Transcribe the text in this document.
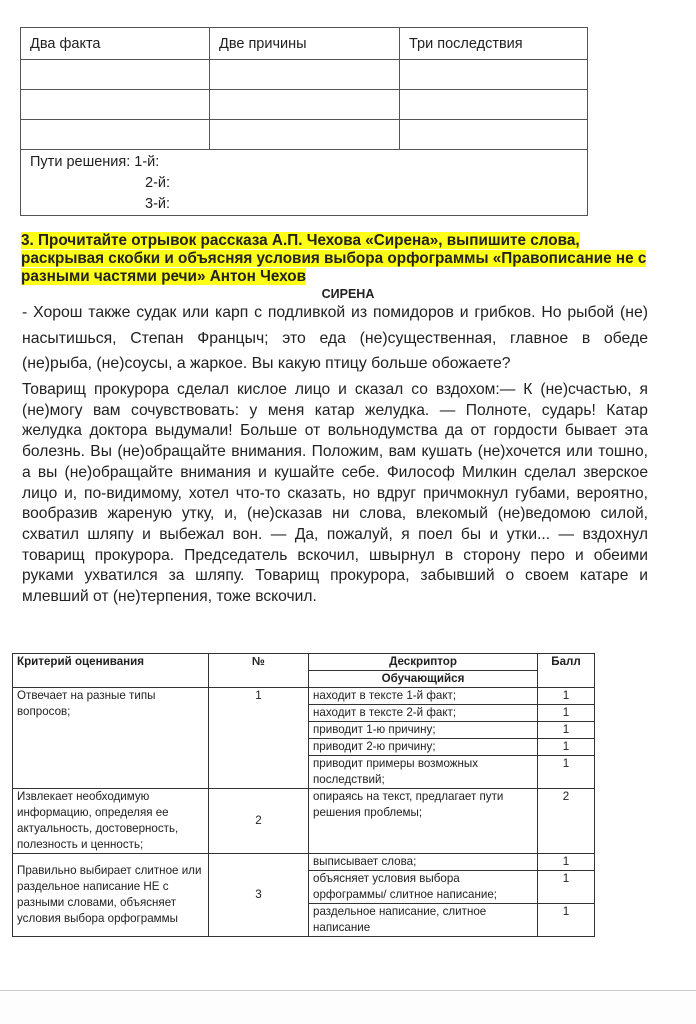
Два факта	Две причины	Три последствия

Пути решения: 1-й:
2-й:
3-й:		
3. Прочитайте отрывок рассказа А.П. Чехова «Сирена», выпишите слова, раскрывая скобки и объясняя условия выбора орфограммы «Правописание не с разными частями речи» Антон Чехов
СИРЕНА
- Хорош также судак или карп с подливкой из помидоров и грибков. Но рыбой (не) насытишься, Степан Францыч; это еда (не)существенная, главное в обеде (не)рыба, (не)соусы, а жаркое. Вы какую птицу больше обожаете?
Товарищ прокурора сделал кислое лицо и сказал со вздохом:— К (не)счастью, я (не)могу вам сочувствовать: у меня катар желудка. — Полноте, сударь! Катар желудка доктора выдумали! Больше от вольнодумства да от гордости бывает эта болезнь. Вы (не)обращайте внимания. Положим, вам кушать (не)хочется или тошно, а вы (не)обращайте внимания и кушайте себе. Философ Милкин сделал зверское лицо и, по-видимому, хотел что-то сказать, но вдруг причмокнул губами, вероятно, вообразив жареную утку, и, (не)сказав ни слова, влекомый (не)ведомою силой, схватил шляпу и выбежал вон. — Да, пожалуй, я поел бы и утки... — вздохнул товарищ прокурора. Председатель вскочил, швырнул в сторону перо и обеими руками ухватился за шляпу. Товарищ прокурора, забывший о своем катаре и млевший от (не)терпения, тоже вскочил.
Критерий оценивания	№	Дескриптор	Балл
		Обучающийся	
Отвечает на разные типы вопросов;	1	находит в тексте 1-й факт;	1
		находит в тексте 2-й факт;	1
		приводит 1-ю причину;	1
		приводит 2-ю причину;	1
		приводит примеры возможных последствий;	1
Извлекает необходимую информацию, определяя ее актуальность, достоверность, полезность и ценность;	2	опираясь на текст, предлагает пути решения проблемы;	2
Правильно выбирает слитное или раздельное написание НЕ с разными словами, объясняет условия выбора орфограммы	3	выписывает слова;	1
		объясняет условия выбора орфограммы/ слитное написание;	1
		раздельное написание, слитное написание	1
